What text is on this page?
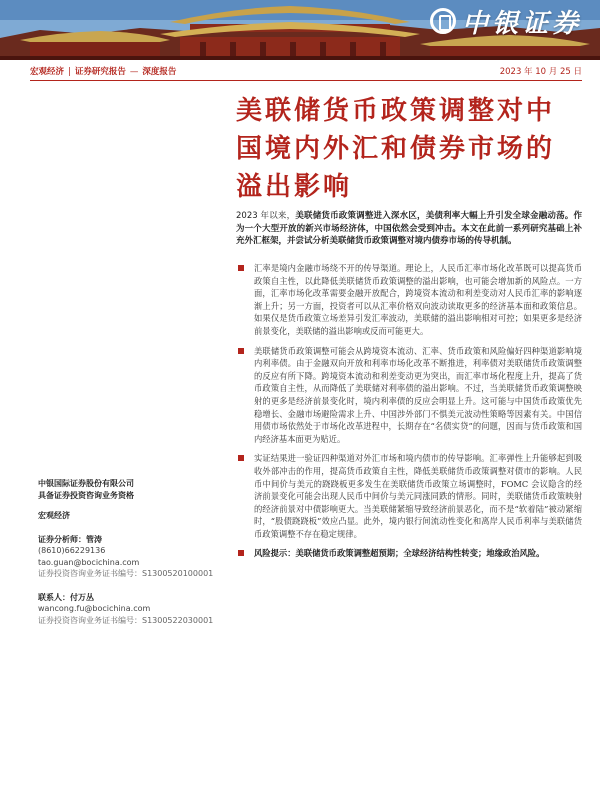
中银证券
宏观经济 | 证券研究报告 — 深度报告	2023 年 10 月 25 日
美联储货币政策调整对中国境内外汇和债券市场的溢出影响
2023 年以来，美联储货币政策调整进入深水区，美债利率大幅上升引发全球金融动荡。作为一个大型开放的新兴市场经济体，中国依然会受到冲击。本文在此前一系列研究基础上补充外汇框架，并尝试分析美联储货币政策调整对境内债券市场的传导机制。
汇率是境内金融市场绕不开的传导渠道。理论上，人民币汇率市场化改革既可以提高货币政策自主性，以此降低美联储货币政策调整的溢出影响，也可能会增加新的风险点。一方面，汇率市场化改革需要金融开放配合，跨境资本流动和利差变动对人民币汇率的影响逐渐上升；另一方面，投资者可以从汇率价格双向波动读取更多的经济基本面和政策信息。如果仅是货币政策立场差异引发汇率波动，美联储的溢出影响相对可控；如果更多是经济前景变化，美联储的溢出影响或反而可能更大。
美联储货币政策调整可能会从跨境资本流动、汇率、货币政策和风险偏好四种渠道影响境内利率债。由于金融双向开放和利率市场化改革不断推进，利率债对美联储货币政策调整的反应有所下降。跨境资本流动和利差变动更为突出，而汇率市场化程度上升，提高了货币政策自主性，从而降低了美联储对利率债的溢出影响。不过，当美联储货币政策调整映射的更多是经济前景变化时，境内利率债的反应会明显上升。这可能与中国货币政策优先稳增长、金融市场避险需求上升、中国涉外部门不惧美元波动性策略等因素有关。中国信用债市场依然处于市场化改革进程中，长期存在“名债实贷”的问题，因而与货币政策和国内经济基本面更为贴近。
实证结果进一验证四种渠道对外汇市场和境内债市的传导影响。汇率弹性上升能够起到吸收外部冲击的作用，提高货币政策自主性，降低美联储货币政策调整对债市的影响。人民币中间价与美元的跷跷板更多发生在美联储货币政策立场调整时，FOMC 会议隐含的经济前景变化可能会出现人民币中间价与美元同涨同跌的情形。同时，美联储货币政策映射的经济前景对中债影响更大。当美联储紧缩导致经济前景恶化，而不是“软着陆”被动紧缩时，“股债跷跷板”效应凸显。此外，境内银行间流动性变化和离岸人民币利率与美联储货币政策调整不存在稳定规律。
风险提示：美联储货币政策调整超预期；全球经济结构性转变；地缘政治风险。
中银国际证券股份有限公司
具备证券投资咨询业务资格
宏观经济
证券分析师：管涛
(8610)66229136
tao.guan@bocichina.com
证券投资咨询业务证书编号：S1300520100001
联系人：付万丛
wancong.fu@bocichina.com
证券投资咨询业务证书编号：S1300522030001
